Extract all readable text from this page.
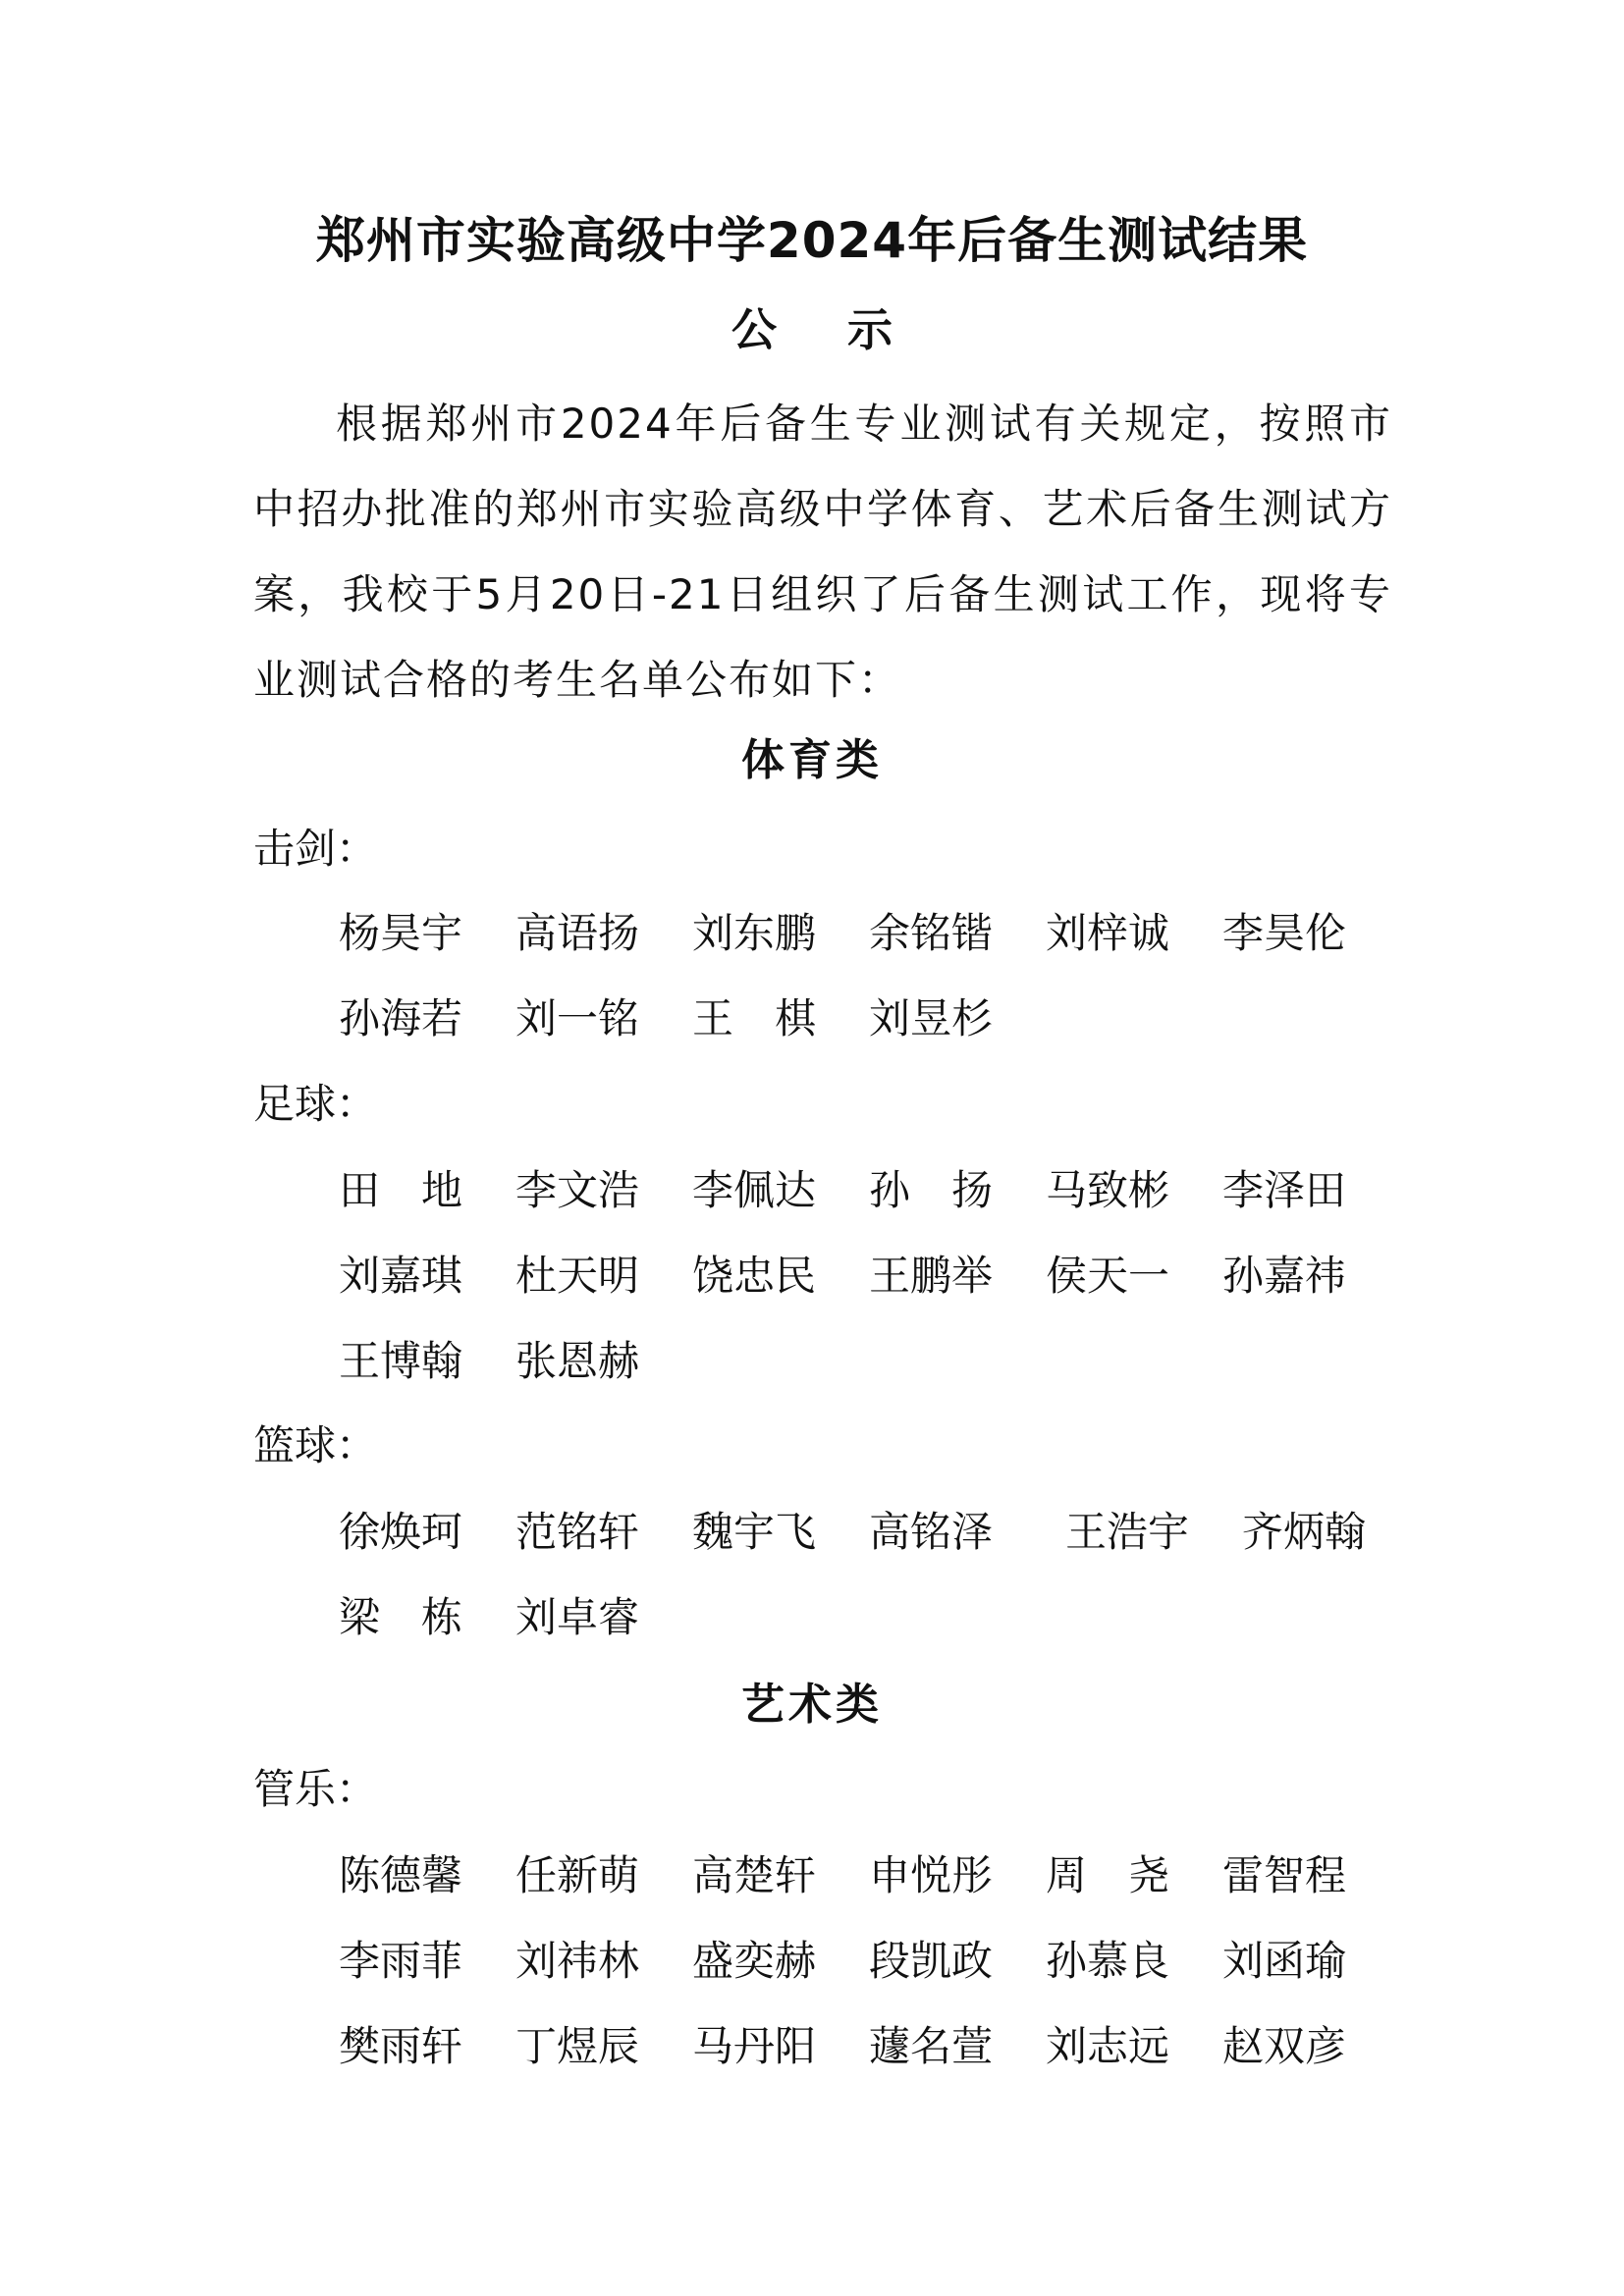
郑州市实验高级中学2024年后备生测试结果
公 示

根据郑州市2024年后备生专业测试有关规定，按照市中招办批准的郑州市实验高级中学体育、艺术后备生测试方案，我校于5月20日-21日组织了后备生测试工作，现将专业测试合格的考生名单公布如下：

体育类
击剑：
杨昊宇 高语扬 刘东鹏 余铭锴 刘梓诚 李昊伦
孙海若 刘一铭 王　棋 刘昱杉
足球：
田　地 李文浩 李佩达 孙　扬 马致彬 李泽田
刘嘉琪 杜天明 饶忠民 王鹏举 侯天一 孙嘉祎
王博翰 张恩赫
篮球：
徐焕珂 范铭轩 魏宇飞 高铭泽 王浩宇 齐炳翰
梁　栋 刘卓睿
艺术类
管乐：
陈德馨 任新萌 高楚轩 申悦彤 周　尧 雷智程
李雨菲 刘祎林 盛奕赫 段凯政 孙慕良 刘函瑜
樊雨轩 丁煜辰 马丹阳 蘧名萱 刘志远 赵双彦
